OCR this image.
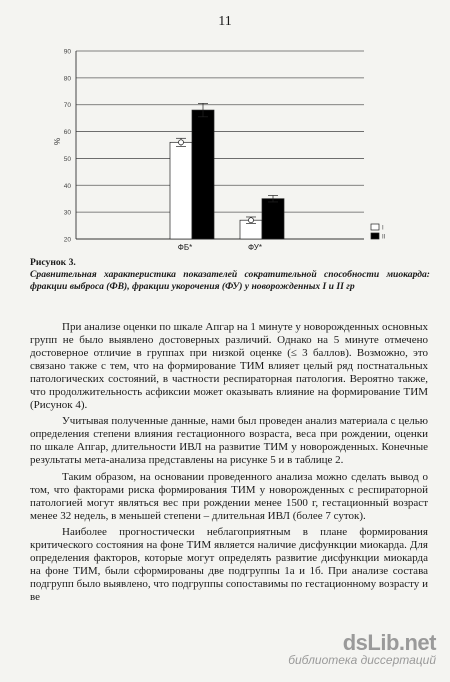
11
20
30
40
50
60
70
80
90
%
ФБ*	ФУ*
I
II
Рисунок 3.
Сравнительная характеристика показателей сократительной способности миокарда: фракции выброса (ФВ), фракции укорочения (ФУ) у новорожденных I и II гр

При анализе оценки по шкале Апгар на 1 минуте у новорожденных основных групп не было выявлено достоверных различий. Однако на 5 минуте отмечено достоверное отличие в группах при низкой оценке (≤ 3 баллов). Возможно, это связано также с тем, что на формирование ТИМ влияет целый ряд постнатальных патологических состояний, в частности респираторная патология. Вероятно также, что продолжительность асфиксии может оказывать влияние на формирование ТИМ (Рисунок 4).

Учитывая полученные данные, нами был проведен анализ материала с целью определения степени влияния гестационного возраста, веса при рождении, оценки по шкале Апгар, длительности ИВЛ на развитие ТИМ у новорожденных. Конечные результаты мета-анализа представлены на рисунке 5 и в таблице 2.

Таким образом, на основании проведенного анализа можно сделать вывод о том, что факторами риска формирования ТИМ у новорожденных с респираторной патологией могут являться вес при рождении менее 1500 г, гестационный возраст менее 32 недель, в меньшей степени – длительная ИВЛ (более 7 суток).

Наиболее прогностически неблагоприятным в плане формирования критического состояния на фоне ТИМ является наличие дисфункции миокарда. Для определения факторов, которые могут определять развитие дисфункции миокарда на фоне ТИМ, были сформированы две подгруппы 1а и 1б. При анализе состава подгрупп было выявлено, что подгруппы сопоставимы по гестационному возрасту и ве

dsLib.net
библиотека диссертаций
